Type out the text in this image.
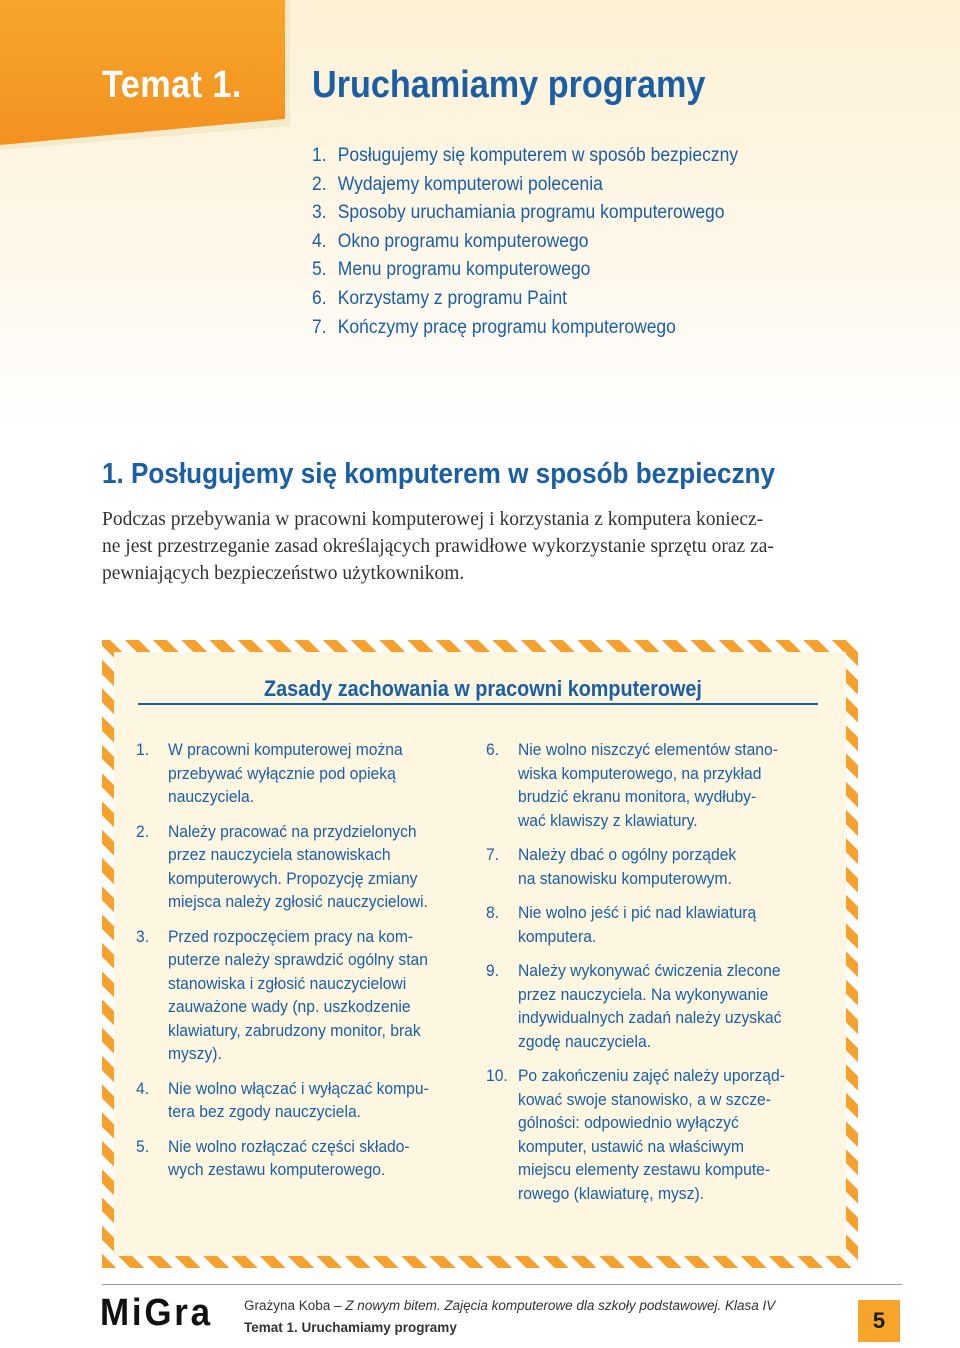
Temat 1. Uruchamiamy programy
1. Posługujemy się komputerem w sposób bezpieczny
2. Wydajemy komputerowi polecenia
3. Sposoby uruchamiania programu komputerowego
4. Okno programu komputerowego
5. Menu programu komputerowego
6. Korzystamy z programu Paint
7. Kończymy pracę programu komputerowego
1. Posługujemy się komputerem w sposób bezpieczny

Podczas przebywania w pracowni komputerowej i korzystania z komputera koniecz-
ne jest przestrzeganie zasad określających prawidłowe wykorzystanie sprzętu oraz za-
pewniających bezpieczeństwo użytkownikom.

Zasady zachowania w pracowni komputerowej
1. W pracowni komputerowej można
przebywać wyłącznie pod opieką
nauczyciela.
2. Należy pracować na przydzielonych
przez nauczyciela stanowiskach
komputerowych. Propozycję zmiany
miejsca należy zgłosić nauczycielowi.
3. Przed rozpoczęciem pracy na kom-
puterze należy sprawdzić ogólny stan
stanowiska i zgłosić nauczycielowi
zauważone wady (np. uszkodzenie
klawiatury, zabrudzony monitor, brak
myszy).
4. Nie wolno włączać i wyłączać kompu-
tera bez zgody nauczyciela.
5. Nie wolno rozłączać części składo-
wych zestawu komputerowego.
6. Nie wolno niszczyć elementów stano-
wiska komputerowego, na przykład
brudzić ekranu monitora, wydłuby-
wać klawiszy z klawiatury.
7. Należy dbać o ogólny porządek
na stanowisku komputerowym.
8. Nie wolno jeść i pić nad klawiaturą
komputera.
9. Należy wykonywać ćwiczenia zlecone
przez nauczyciela. Na wykonywanie
indywidualnych zadań należy uzyskać
zgodę nauczyciela.
10. Po zakończeniu zajęć należy uporząd-
kować swoje stanowisko, a w szcze-
gólności: odpowiednio wyłączyć
komputer, ustawić na właściwym
miejscu elementy zestawu kompute-
rowego (klawiaturę, mysz).
MiGra Grażyna Koba – Z nowym bitem. Zajęcia komputerowe dla szkoły podstawowej. Klasa IV
Temat 1. Uruchamiamy programy	5
